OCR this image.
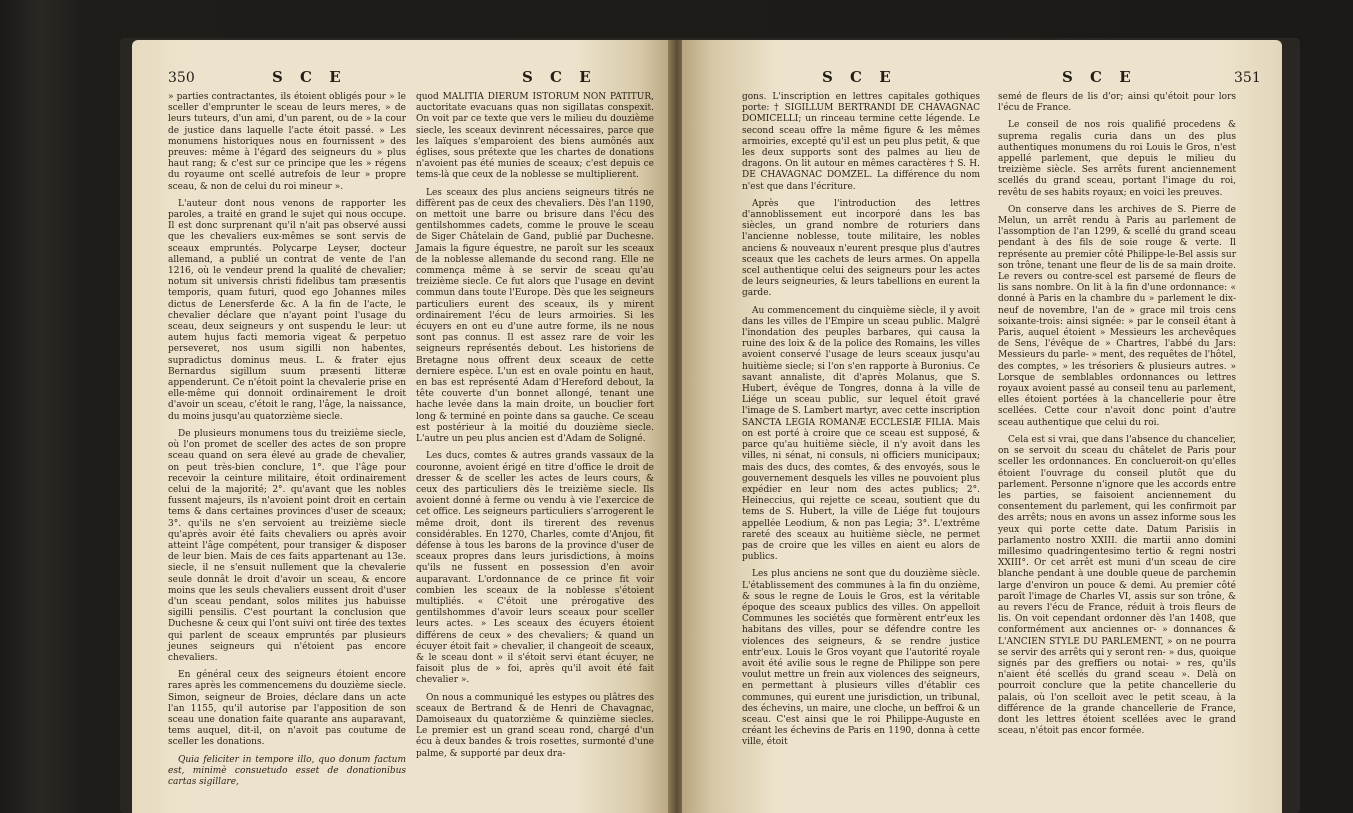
350	S C E	S C E

» parties contractantes, ils étoient obligés pour » le sceller d'emprunter le sceau de leurs meres, » de leurs tuteurs, d'un ami, d'un parent, ou de » la cour de justice dans laquelle l'acte étoit passé. » Les monumens historiques nous en fournissent » des preuves: même à l'égard des seigneurs du » plus haut rang; & c'est sur ce principe que les » régens du royaume ont scellé autrefois de leur » propre sceau, & non de celui du roi mineur ».

L'auteur dont nous venons de rapporter les paroles, a traité en grand le sujet qui nous occupe. Il est donc surprenant qu'il n'ait pas observé aussi que les chevaliers eux-mêmes se sont servis de sceaux empruntés. Polycarpe Leyser, docteur allemand, a publié un contrat de vente de l'an 1216, où le vendeur prend la qualité de chevalier; notum sit universis christi fidelibus tam præsentis temporis, quam futuri, quod ego Johannes miles dictus de Lenersferde &c. A la fin de l'acte, le chevalier déclare que n'ayant point l'usage du sceau, deux seigneurs y ont suspendu le leur: ut autem hujus facti memoria vigeat & perpetuo perseveret, nos usum sigilli non habentes, supradictus dominus meus. L. & frater ejus Bernardus sigillum suum præsenti litteræ appenderunt. Ce n'étoit point la chevalerie prise en elle-même qui donnoit ordinairement le droit d'avoir un sceau, c'étoit le rang, l'âge, la naissance, du moins jusqu'au quatorzième siecle.

De plusieurs monumens tous du treizième siecle, où l'on promet de sceller des actes de son propre sceau quand on sera élevé au grade de chevalier, on peut très-bien conclure, 1°. que l'âge pour recevoir la ceinture militaire, étoit ordinairement celui de la majorité; 2°. qu'avant que les nobles fussent majeurs, ils n'avoient point droit en certain tems & dans certaines provinces d'user de sceaux; 3°. qu'ils ne s'en servoient au treizième siecle qu'après avoir été faits chevaliers ou après avoir atteint l'âge compétent, pour transiger & disposer de leur bien. Mais de ces faits appartenant au 13e. siecle, il ne s'ensuit nullement que la chevalerie seule donnât le droit d'avoir un sceau, & encore moins que les seuls chevaliers eussent droit d'user d'un sceau pendant, solos milites jus habuisse sigilli pensilis. C'est pourtant la conclusion que Duchesne & ceux qui l'ont suivi ont tirée des textes qui parlent de sceaux empruntés par plusieurs jeunes seigneurs qui n'étoient pas encore chevaliers.

En général ceux des seigneurs étoient encore rares après les commencemens du douzième siecle. Simon, seigneur de Broies, déclare dans un acte l'an 1155, qu'il autorise par l'apposition de son sceau une donation faite quarante ans auparavant, tems auquel, dit-il, on n'avoit pas coutume de sceller les donations.

Quia feliciter in tempore illo, quo donum factum est, minimè consuetudo esset de donationibus cartas sigillare,

quod MALITIA DIERUM ISTORUM NON PATITUR, auctoritate evacuans quas non sigillatas conspexit. On voit par ce texte que vers le milieu du douzième siecle, les sceaux devinrent nécessaires, parce que les laïques s'emparoient des biens aumônés aux églises, sous prétexte que les chartes de donations n'avoient pas été munies de sceaux; c'est depuis ce tems-là que ceux de la noblesse se multiplierent.

Les sceaux des plus anciens seigneurs titrés ne diffèrent pas de ceux des chevaliers. Dès l'an 1190, on mettoit une barre ou brisure dans l'écu des gentilshommes cadets, comme le prouve le sceau de Siger Châtelain de Gand, publié par Duchesne. Jamais la figure équestre, ne paroît sur les sceaux de la noblesse allemande du second rang. Elle ne commença même à se servir de sceau qu'au treizième siecle. Ce fut alors que l'usage en devint commun dans toute l'Europe. Dès que les seigneurs particuliers eurent des sceaux, ils y mirent ordinairement l'écu de leurs armoiries. Si les écuyers en ont eu d'une autre forme, ils ne nous sont pas connus. Il est assez rare de voir les seigneurs représentés debout. Les historiens de Bretagne nous offrent deux sceaux de cette derniere espèce. L'un est en ovale pointu en haut, en bas est représenté Adam d'Hereford debout, la tête couverte d'un bonnet allongé, tenant une hache levée dans la main droite, un bouclier fort long & terminé en pointe dans sa gauche. Ce sceau est postérieur à la moitié du douzième siecle. L'autre un peu plus ancien est d'Adam de Soligné.

Les ducs, comtes & autres grands vassaux de la couronne, avoient érigé en titre d'office le droit de dresser & de sceller les actes de leurs cours, & ceux des particuliers dès le treizième siecle. Ils avoient donné à ferme ou vendu à vie l'exercice de cet office. Les seigneurs particuliers s'arrogerent le même droit, dont ils tirerent des revenus considérables. En 1270, Charles, comte d'Anjou, fit défense à tous les barons de la province d'user de sceaux propres dans leurs jurisdictions, à moins qu'ils ne fussent en possession d'en avoir auparavant. L'ordonnance de ce prince fit voir combien les sceaux de la noblesse s'étoient multipliés. « C'étoit une prérogative des gentilshommes d'avoir leurs sceaux pour sceller leurs actes. » Les sceaux des écuyers étoient différens de ceux » des chevaliers; & quand un écuyer étoit fait » chevalier, il changeoit de sceaux, & le sceau dont » il s'étoit servi étant écuyer, ne faisoit plus de » foi, après qu'il avoit été fait chevalier ».

On nous a communiqué les estypes ou plâtres des sceaux de Bertrand & de Henri de Chavagnac, Damoiseaux du quatorzième & quinzième siecles. Le premier est un grand sceau rond, chargé d'un écu à deux bandes & trois rosettes, surmonté d'une palme, & supporté par deux dra-

S C E	S C E	351

gons. L'inscription en lettres capitales gothiques porte: † SIGILLUM BERTRANDI DE CHAVAGNAC DOMICELLI; un rinceau termine cette légende. Le second sceau offre la même figure & les mêmes armoiries, excepté qu'il est un peu plus petit, & que les deux supports sont des palmes au lieu de dragons. On lit autour en mêmes caractères † S. H. DE CHAVAGNAC DOMZEL. La différence du nom n'est que dans l'écriture.

Après que l'introduction des lettres d'annoblissement eut incorporé dans les bas siècles, un grand nombre de roturiers dans l'ancienne noblesse, toute militaire, les nobles anciens & nouveaux n'eurent presque plus d'autres sceaux que les cachets de leurs armes. On appella scel authentique celui des seigneurs pour les actes de leurs seigneuries, & leurs tabellions en eurent la garde.

Au commencement du cinquième siècle, il y avoit dans les villes de l'Empire un sceau public. Malgré l'inondation des peuples barbares, qui causa la ruine des loix & de la police des Romains, les villes avoient conservé l'usage de leurs sceaux jusqu'au huitième siecle; si l'on s'en rapporte à Buronius. Ce savant annaliste, dit d'après Molanus, que S. Hubert, évêque de Tongres, donna à la ville de Liége un sceau public, sur lequel étoit gravé l'image de S. Lambert martyr, avec cette inscription SANCTA LEGIA ROMANÆ ECCLESIÆ FILIA. Mais on est porté à croire que ce sceau est supposé, & parce qu'au huitième siècle, il n'y avoit dans les villes, ni sénat, ni consuls, ni officiers municipaux; mais des ducs, des comtes, & des envoyés, sous le gouvernement desquels les villes ne pouvoient plus expédier en leur nom des actes publics; 2°. Heineccius, qui rejette ce sceau, soutient que du tems de S. Hubert, la ville de Liége fut toujours appellée Leodium, & non pas Legia; 3°. L'extrême rareté des sceaux au huitième siècle, ne permet pas de croire que les villes en aient eu alors de publics.

Les plus anciens ne sont que du douzième siècle. L'établissement des communes à la fin du onzième, & sous le regne de Louis le Gros, est la véritable époque des sceaux publics des villes. On appelloit Communes les sociétés que formèrent entr'eux les habitans des villes, pour se défendre contre les violences des seigneurs, & se rendre justice entr'eux. Louis le Gros voyant que l'autorité royale avoit été avilie sous le regne de Philippe son pere voulut mettre un frein aux violences des seigneurs, en permettant à plusieurs villes d'établir ces communes, qui eurent une jurisdiction, un tribunal, des échevins, un maire, une cloche, un beffroi & un sceau. C'est ainsi que le roi Philippe-Auguste en créant les échevins de Paris en 1190, donna à cette ville, étoit

semé de fleurs de lis d'or; ainsi qu'étoit pour lors l'écu de France.

Le conseil de nos rois qualifié procedens & suprema regalis curia dans un des plus authentiques monumens du roi Louis le Gros, n'est appellé parlement, que depuis le milieu du treizième siècle. Ses arrêts furent anciennement scellés du grand sceau, portant l'image du roi, revêtu de ses habits royaux; en voici les preuves.

On conserve dans les archives de S. Pierre de Melun, un arrêt rendu à Paris au parlement de l'assomption de l'an 1299, & scellé du grand sceau pendant à des fils de soie rouge & verte. Il représente au premier côté Philippe-le-Bel assis sur son trône, tenant une fleur de lis de sa main droite. Le revers ou contre-scel est parsemé de fleurs de lis sans nombre. On lit à la fin d'une ordonnance: « donné à Paris en la chambre du » parlement le dix-neuf de novembre, l'an de » grace mil trois cens soixante-trois: ainsi signée: » par le conseil étant à Paris, auquel étoient » Messieurs les archevêques de Sens, l'évêque de » Chartres, l'abbé du Jars: Messieurs du parle- » ment, des requêtes de l'hôtel, des comptes, » les trésoriers & plusieurs autres. » Lorsque de semblables ordonnances ou lettres royaux avoient passé au conseil tenu au parlement, elles étoient portées à la chancellerie pour être scellées. Cette cour n'avoit donc point d'autre sceau authentique que celui du roi.

Cela est si vrai, que dans l'absence du chancelier, on se servoit du sceau du châtelet de Paris pour sceller les ordonnances. En conclueroit-on qu'elles étoient l'ouvrage du conseil plutôt que du parlement. Personne n'ignore que les accords entre les parties, se faisoient anciennement du consentement du parlement, qui les confirmoit par des arrêts; nous en avons un assez informe sous les yeux qui porte cette date. Datum Parisiis in parlamento nostro XXIII. die martii anno domini millesimo quadringentesimo tertio & regni nostri XXIII°. Or cet arrêt est muni d'un sceau de cire blanche pendant à une double queue de parchemin large d'environ un pouce & demi. Au premier côté paroît l'image de Charles VI, assis sur son trône, & au revers l'écu de France, réduit à trois fleurs de lis. On voit cependant ordonner dès l'an 1408, que conformément aux anciennes or- » donnances & L'ANCIEN STYLE DU PARLEMENT, » on ne pourra se servir des arrêts qui y seront ren- » dus, quoique signés par des greffiers ou notai- » res, qu'ils n'aient été scellés du grand sceau ». Delà on pourroit conclure que la petite chancellerie du palais, où l'on scelloit avec le petit sceau, à la différence de la grande chancellerie de France, dont les lettres étoient scellées avec le grand sceau, n'étoit pas encor formée.
